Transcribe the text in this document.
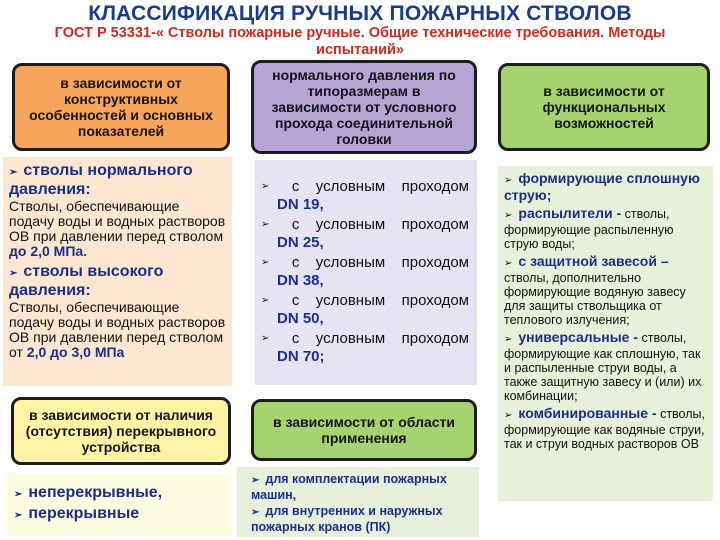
КЛАССИФИКАЦИЯ РУЧНЫХ ПОЖАРНЫХ СТВОЛОВ
ГОСТ Р 53331-« Стволы пожарные ручные. Общие технические требования. Методы испытаний»
в зависимости от конструктивных особенностей и основных показателей
нормального давления по типоразмерам в зависимости от условного прохода соединительной головки
в зависимости от функциональных возможностей
в зависимости от наличия (отсутствия) перекрывного устройства
в зависимости от области применения
➢ стволы нормального давления:
Стволы, обеспечивающие подачу воды и водных растворов ОВ при давлении перед стволом до 2,0 МПа.
➢ стволы высокого давления:
Стволы, обеспечивающие подачу воды и водных растворов ОВ при давлении перед стволом от 2,0 до 3,0 МПа
➢ с условным проходом
DN 19,
➢ с условным проходом
DN 25,
➢ с условным проходом
DN 38,
➢ с условным проходом
DN 50,
➢ с условным проходом
DN 70;
➢ формирующие сплошную струю;
➢ распылители - стволы, формирующие распыленную струю воды;
➢ с защитной завесой – стволы, дополнительно формирующие водяную завесу для защиты ствольщика от теплового излучения;
➢ универсальные - стволы, формирующие как сплошную, так и распыленные струи воды, а также защитную завесу и (или) их комбинации;
➢ комбинированные - стволы, формирующие как водяные струи, так и струи водных растворов ОВ
➢ неперекрывные,
➢ перекрывные
➢ для комплектации пожарных машин,
➢ для внутренних и наружных пожарных кранов (ПК)
